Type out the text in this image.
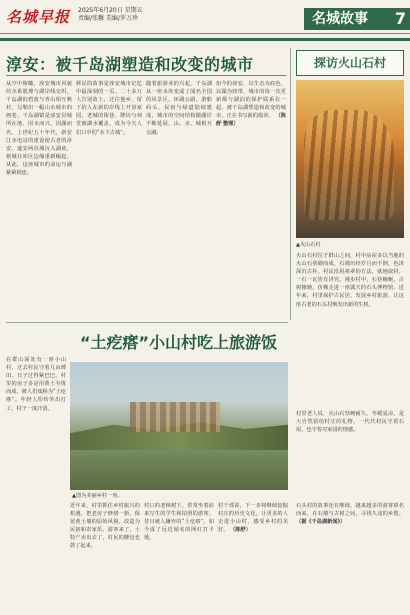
名城早报 2025年6月20日 星期五
责编/张馨 美编/罗万珍	名城故事 7
淳安：被千岛湖塑造和改变的城市
从空中俯瞰，淳安城市风貌的水系肌理与湖岸线交织，千岛湖的碧波与青山相互映衬，勾勒出一幅山水城市的画卷。千岛湖镇是淳安县城所在地，因水而兴，因湖而名。上世纪五十年代，新安江水电站的建设使古老的淳安、遂安两县城沉入湖底，新城在库区边缘重新崛起。从此，这座城市的命运与湖紧紧相连。
移民的故事是淳安城市记忆中最深刻的一页。二十多万人告别故土，迁往他乡，留下的人在新的岸线上开垦家园。老城的街巷、牌坊与祠堂被湖水覆盖，成为今天人们口中的“水下古城”。
随着旅游业的兴起，千岛湖从一座水库变成了闻名全国的风景区。环湖公路、游船码头、民宿与绿道陆续建成，城市的空间结构随湖岸不断延展，山、水、城相互交融。
如今的淳安，以生态为底色，以湖为纽带，城市的每一次更新都与湖泊的保护联系在一起。被千岛湖塑造和改变的城市，正在书写新的篇章。 （陈舒 整理）
探访火山石村
▲火山石村
火山石村位于群山之间，村中房屋多以当地的火山石垒砌而成，石墙历经岁月而不倒，色泽深沉古朴。村民沿用祖辈的方法，就地取材，一石一瓦皆有讲究。漫步村中，石巷蜿蜒，古树掩映，仿佛走进一座露天的石头博物馆。近年来，村里保护古民居，发展乡村旅游，让这座古老的石头村焕发出新的生机。
村里老人说，火山石坚硬耐久，冬暖夏凉，是大自然留给村庄的礼物。一代代村民守着石屋，也守着对家园的情感。
石头村的故事还在继续，越来越多的游客慕名而来，在石墙与古树之间，寻找久违的乡愁。 （据《千岛湖新闻》）
“土疙瘩”小山村吃上旅游饭
在群山深处有一座小山村，过去村民守着几亩薄田，日子过得紧巴巴。村里的房子多是用黄土夯筑而成，被人们戏称为“土疙瘩”。年轻人纷纷外出打工，村子一度冷清。
▲图为美丽乡村一角。
近年来，村里抓住乡村振兴的机遇，把老房子修缮一新，保留黄土墙的原始风貌，改造为民宿和农家乐。游客来了，土特产卖出去了，村民的腰包也鼓了起来。
村口的老樟树下，常常坐着前来写生的学生和拍照的游客。昔日被人嫌弃的“土疙瘩”，如今成了远近闻名的网红打卡地。
村干部说，下一步将继续挖掘村庄的历史文化，让更多的人走进小山村，感受乡村的美好。 （陈舒）
